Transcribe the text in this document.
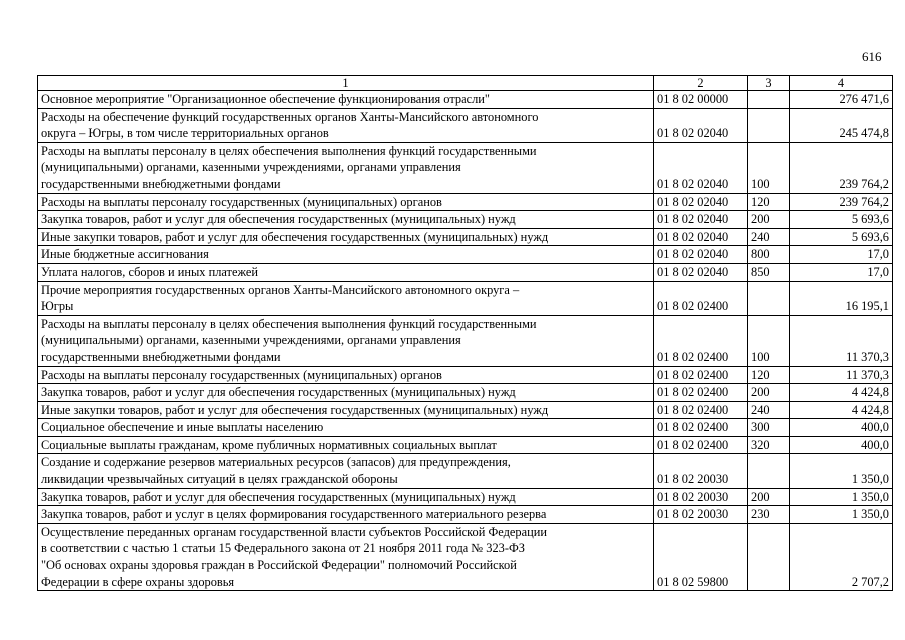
616
1	2	3	4
Основное мероприятие "Организационное обеспечение функционирования отрасли"	01 8 02 00000		276 471,6
Расходы на обеспечение функций государственных органов Ханты-Мансийского автономного
округа – Югры, в том числе территориальных органов	01 8 02 02040		245 474,8
Расходы на выплаты персоналу в целях обеспечения выполнения функций государственными
(муниципальными) органами, казенными учреждениями, органами управления
государственными внебюджетными фондами	01 8 02 02040	100	239 764,2
Расходы на выплаты персоналу государственных (муниципальных) органов	01 8 02 02040	120	239 764,2
Закупка товаров, работ и услуг для обеспечения государственных (муниципальных) нужд	01 8 02 02040	200	5 693,6
Иные закупки товаров, работ и услуг для обеспечения государственных (муниципальных) нужд	01 8 02 02040	240	5 693,6
Иные бюджетные ассигнования	01 8 02 02040	800	17,0
Уплата налогов, сборов и иных платежей	01 8 02 02040	850	17,0
Прочие мероприятия государственных органов Ханты-Мансийского автономного округа –
Югры	01 8 02 02400		16 195,1
Расходы на выплаты персоналу в целях обеспечения выполнения функций государственными
(муниципальными) органами, казенными учреждениями, органами управления
государственными внебюджетными фондами	01 8 02 02400	100	11 370,3
Расходы на выплаты персоналу государственных (муниципальных) органов	01 8 02 02400	120	11 370,3
Закупка товаров, работ и услуг для обеспечения государственных (муниципальных) нужд	01 8 02 02400	200	4 424,8
Иные закупки товаров, работ и услуг для обеспечения государственных (муниципальных) нужд	01 8 02 02400	240	4 424,8
Социальное обеспечение и иные выплаты населению	01 8 02 02400	300	400,0
Социальные выплаты гражданам, кроме публичных нормативных социальных выплат	01 8 02 02400	320	400,0
Создание и содержание резервов материальных ресурсов (запасов) для предупреждения,
ликвидации чрезвычайных ситуаций в целях гражданской обороны	01 8 02 20030		1 350,0
Закупка товаров, работ и услуг для обеспечения государственных (муниципальных) нужд	01 8 02 20030	200	1 350,0
Закупка товаров, работ и услуг в целях формирования государственного материального резерва	01 8 02 20030	230	1 350,0
Осуществление переданных органам государственной власти субъектов Российской Федерации
в соответствии с частью 1 статьи 15 Федерального закона от 21 ноября 2011 года № 323-ФЗ
"Об основах охраны здоровья граждан в Российской Федерации" полномочий Российской
Федерации в сфере охраны здоровья	01 8 02 59800		2 707,2
